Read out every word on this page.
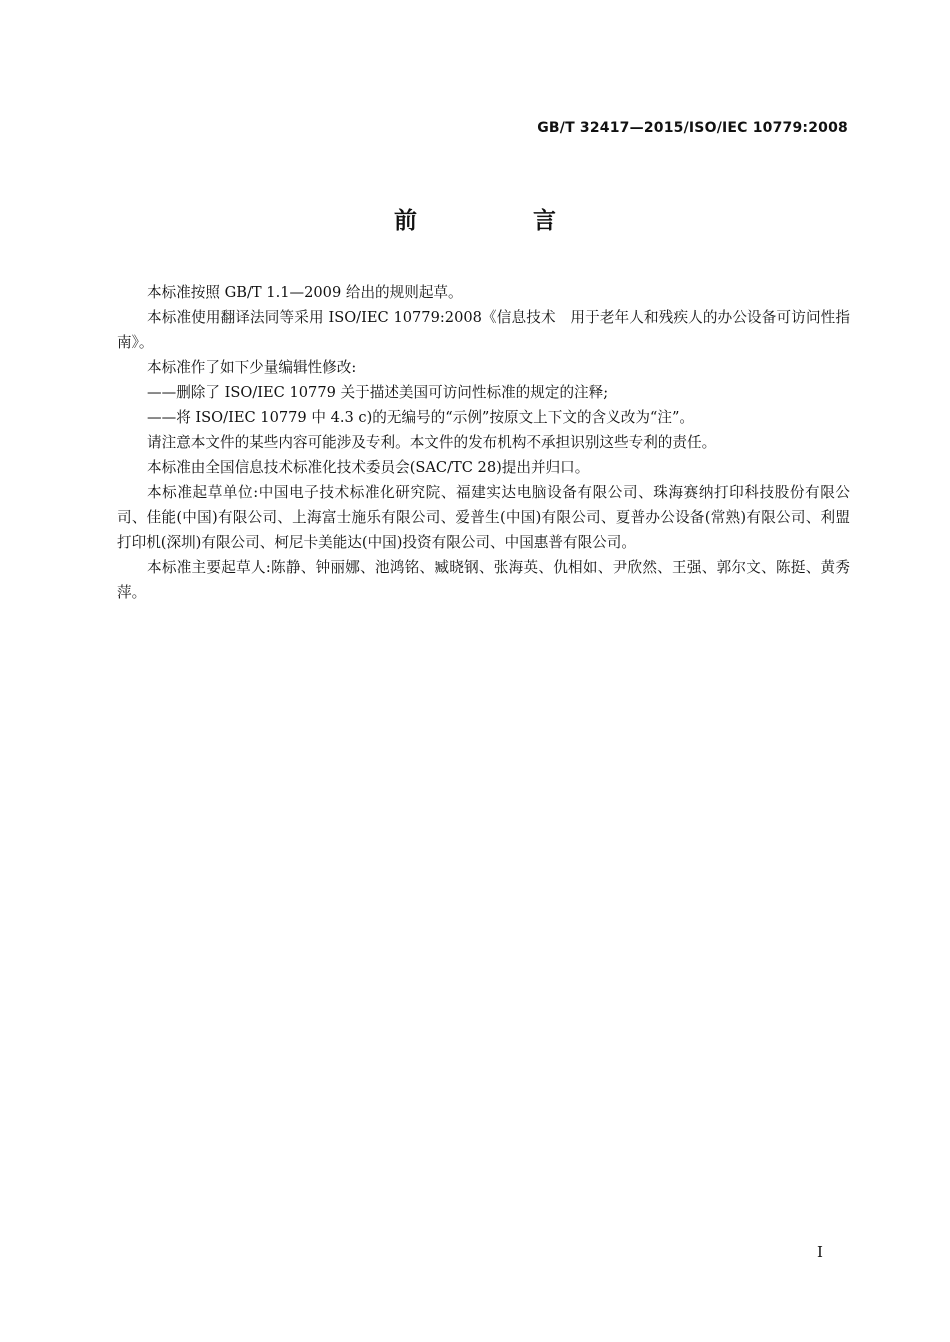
GB/T 32417—2015/ISO/IEC 10779:2008
前 言

本标准按照 GB/T 1.1—2009 给出的规则起草。

本标准使用翻译法同等采用 ISO/IEC 10779:2008《信息技术　用于老年人和残疾人的办公设备可访问性指南》。

本标准作了如下少量编辑性修改:

——删除了 ISO/IEC 10779 关于描述美国可访问性标准的规定的注释;

——将 ISO/IEC 10779 中 4.3 c)的无编号的“示例”按原文上下文的含义改为“注”。

请注意本文件的某些内容可能涉及专利。本文件的发布机构不承担识别这些专利的责任。

本标准由全国信息技术标准化技术委员会(SAC/TC 28)提出并归口。

本标准起草单位:中国电子技术标准化研究院、福建实达电脑设备有限公司、珠海赛纳打印科技股份有限公司、佳能(中国)有限公司、上海富士施乐有限公司、爱普生(中国)有限公司、夏普办公设备(常熟)有限公司、利盟打印机(深圳)有限公司、柯尼卡美能达(中国)投资有限公司、中国惠普有限公司。

本标准主要起草人:陈静、钟丽娜、池鸿铭、臧晓钢、张海英、仇相如、尹欣然、王强、郭尔文、陈挺、黄秀萍。

I
